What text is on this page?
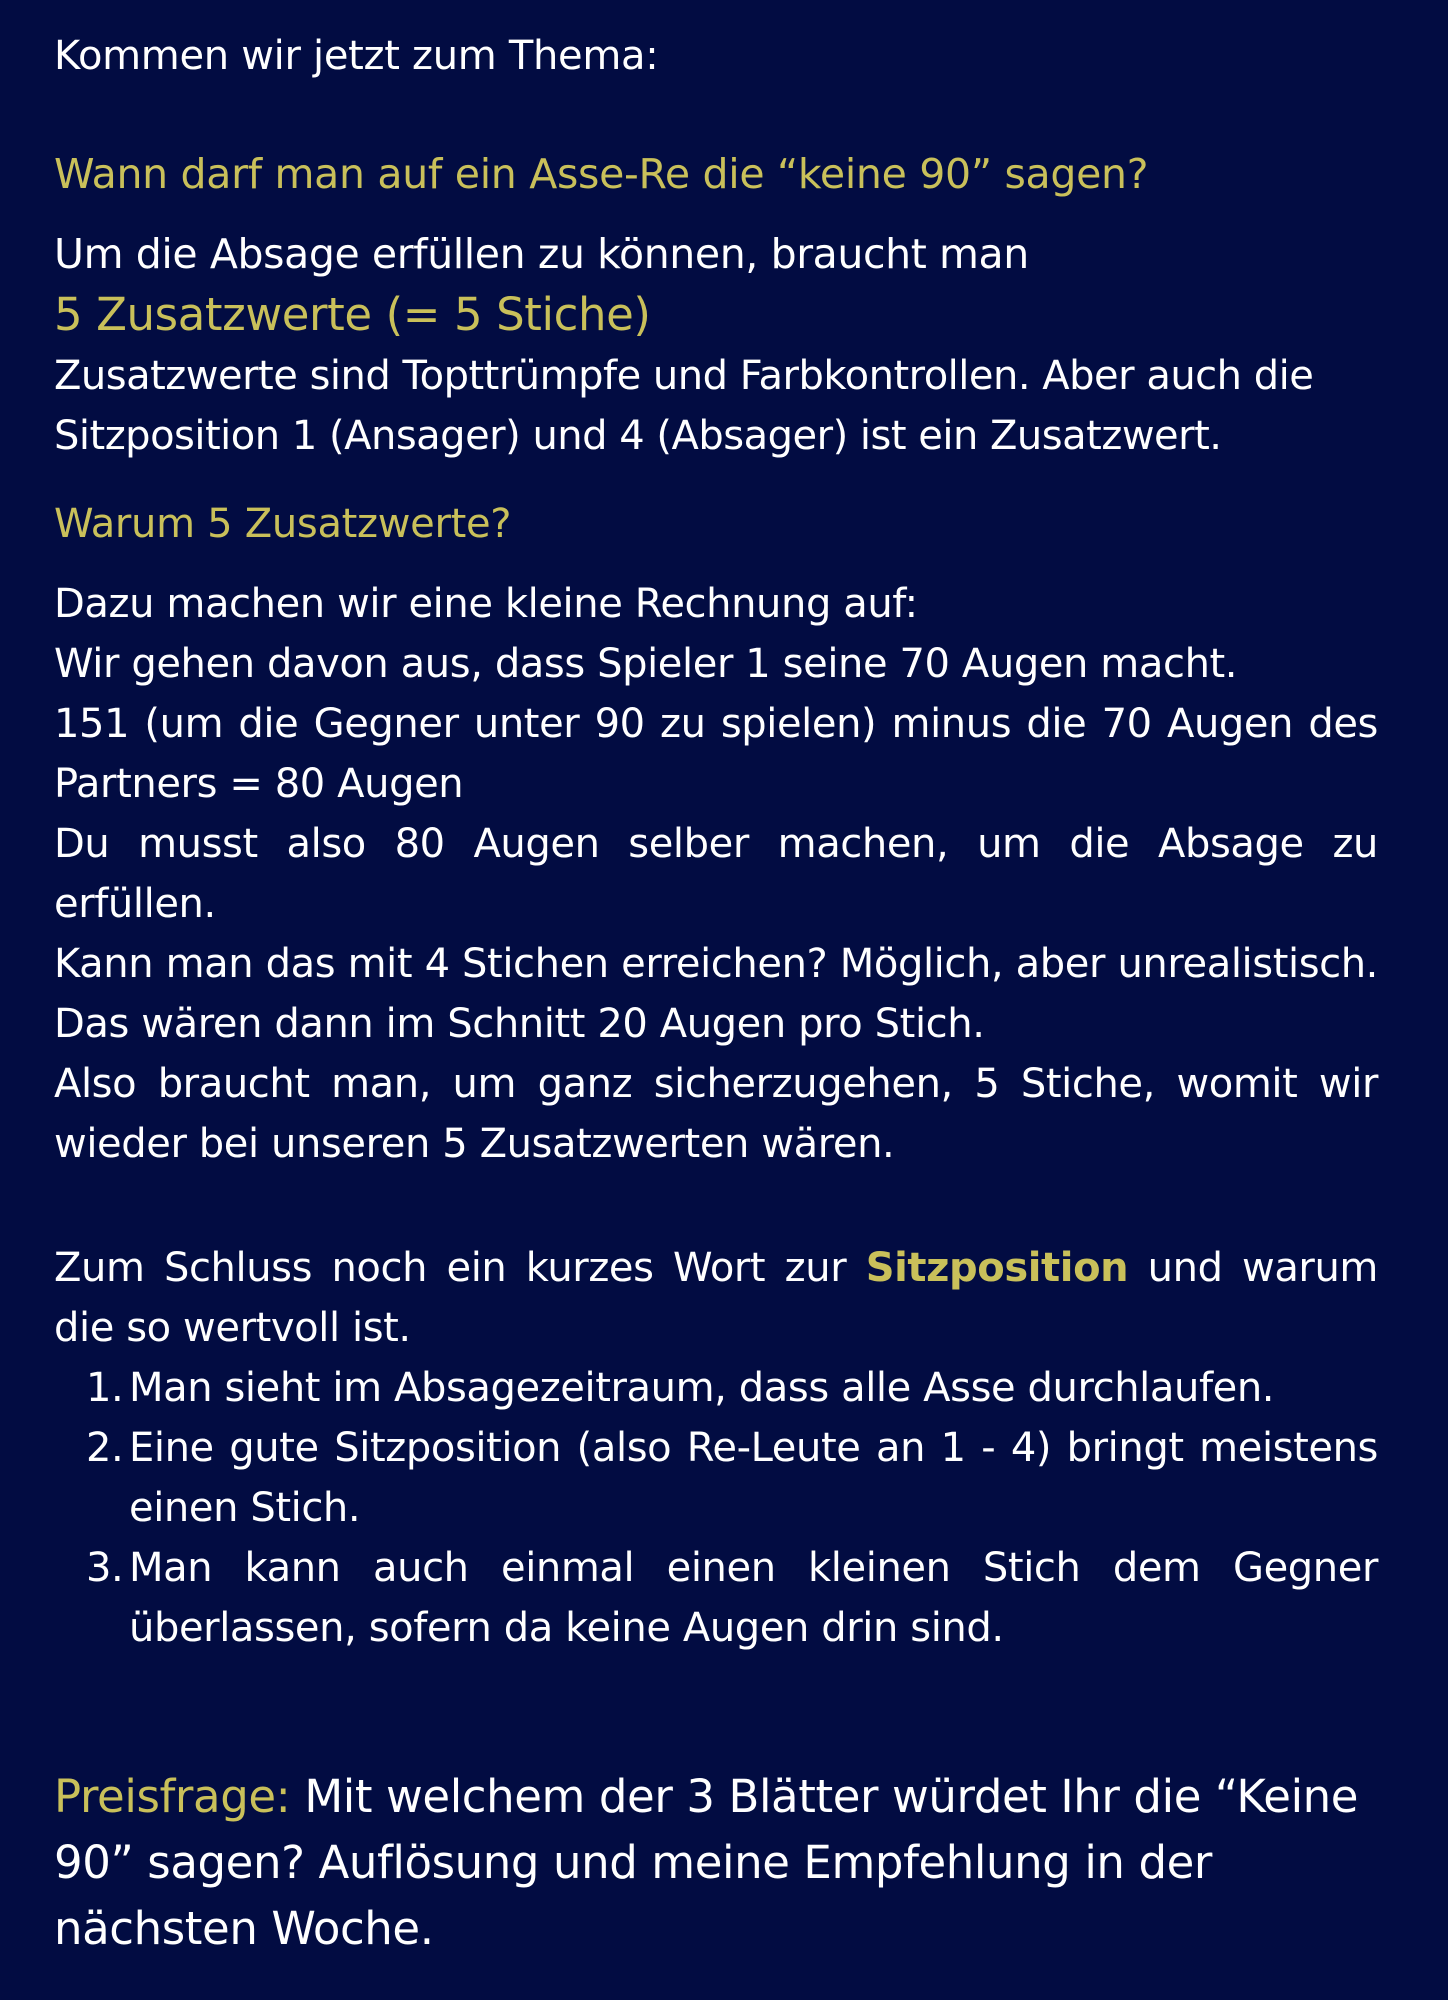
Kommen wir jetzt zum Thema:

Wann darf man auf ein Asse-Re die “keine 90” sagen?

Um die Absage erfüllen zu können, braucht man

5 Zusatzwerte (= 5 Stiche)

Zusatzwerte sind Topttrümpfe und Farbkontrollen. Aber auch die Sitzposition 1 (Ansager) und 4 (Absager) ist ein Zusatzwert.

Warum 5 Zusatzwerte?

Dazu machen wir eine kleine Rechnung auf:

Wir gehen davon aus, dass Spieler 1 seine 70 Augen macht.

151 (um die Gegner unter 90 zu spielen) minus die 70 Augen des Partners = 80 Augen

Du musst also 80 Augen selber machen, um die Absage zu erfüllen.

Kann man das mit 4 Stichen erreichen? Möglich, aber unrealistisch. Das wären dann im Schnitt 20 Augen pro Stich.

Also braucht man, um ganz sicherzugehen, 5 Stiche, womit wir wieder bei unseren 5 Zusatzwerten wären.

Zum Schluss noch ein kurzes Wort zur Sitzposition und warum die so wertvoll ist.

1. Man sieht im Absagezeitraum, dass alle Asse durchlaufen.
2. Eine gute Sitzposition (also Re-Leute an 1 - 4) bringt meistens einen Stich.
3. Man kann auch einmal einen kleinen Stich dem Gegner überlassen, sofern da keine Augen drin sind.

Preisfrage: Mit welchem der 3 Blätter würdet Ihr die “Keine 90” sagen? Auflösung und meine Empfehlung in der nächsten Woche.
